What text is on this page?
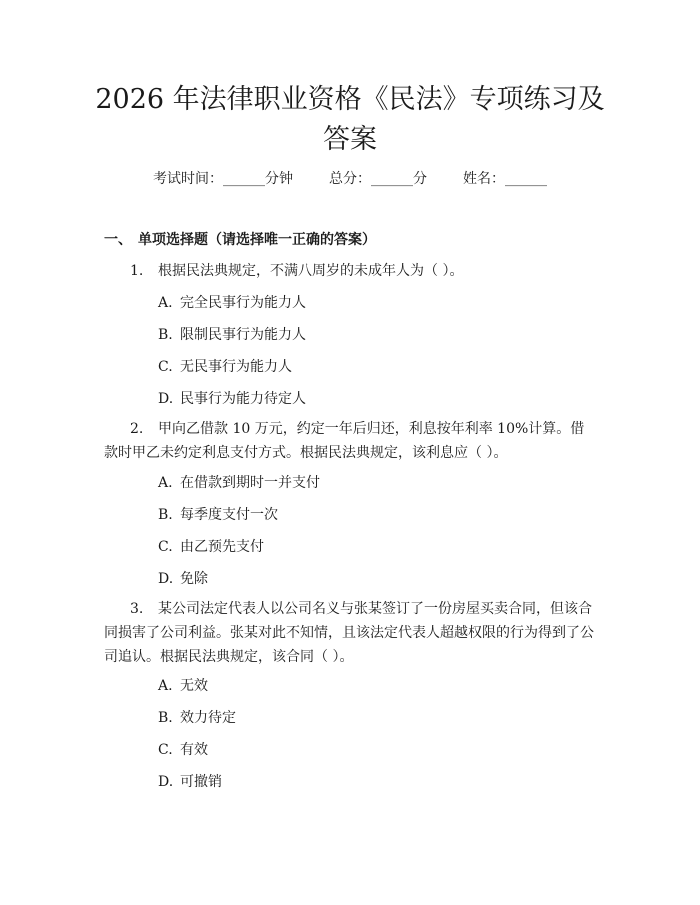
2026 年法律职业资格《民法》专项练习及答案
考试时间：______分钟	总分：______分	姓名：______
一、 单项选择题（请选择唯一正确的答案）
1. 根据民法典规定，不满八周岁的未成年人为（ ）。
A. 完全民事行为能力人
B. 限制民事行为能力人
C. 无民事行为能力人
D. 民事行为能力待定人
2. 甲向乙借款 10 万元，约定一年后归还，利息按年利率 10%计算。借款时甲乙未约定利息支付方式。根据民法典规定，该利息应（ ）。
A. 在借款到期时一并支付
B. 每季度支付一次
C. 由乙预先支付
D. 免除
3. 某公司法定代表人以公司名义与张某签订了一份房屋买卖合同，但该合同损害了公司利益。张某对此不知情，且该法定代表人超越权限的行为得到了公司追认。根据民法典规定，该合同（ ）。
A. 无效
B. 效力待定
C. 有效
D. 可撤销
